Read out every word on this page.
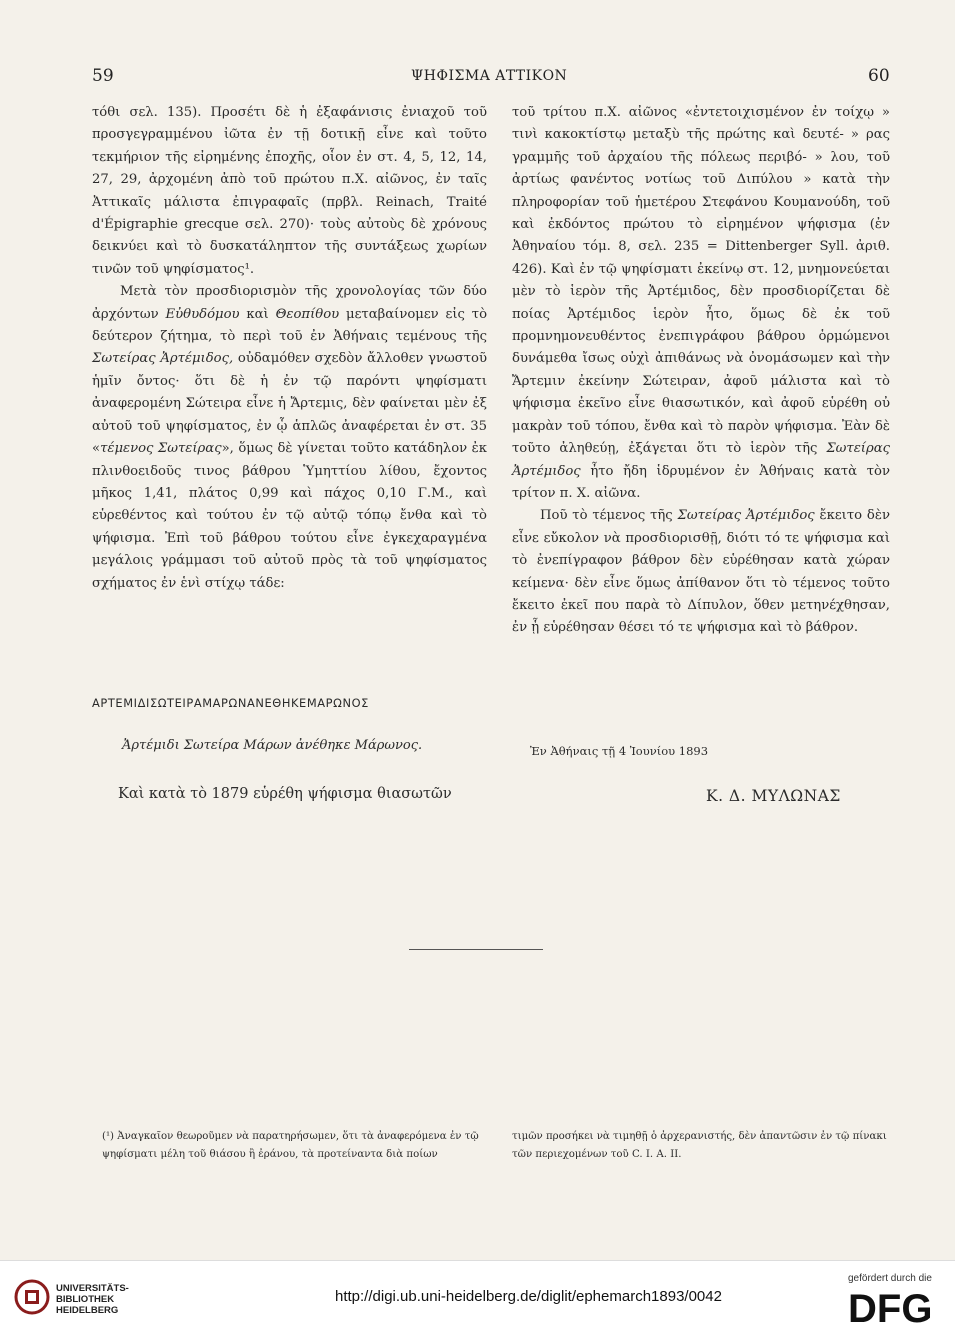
59	ΨΗΦΙΣΜΑ ΑΤΤΙΚΟΝ	60

τόθι σελ. 135). Προσέτι δὲ ἡ ἐξαφάνισις ἐνιαχοῦ τοῦ προσγεγραμμένου ἰῶτα ἐν τῇ δοτικῇ εἶνε καὶ τοῦτο τεκμήριον τῆς εἰρημένης ἐποχῆς, οἷον ἐν στ. 4, 5, 12, 14, 27, 29, ἀρχομένη ἀπὸ τοῦ πρώτου π.Χ. αἰῶνος, ἐν ταῖς Ἀττικαῖς μάλιστα ἐπιγραφαῖς (πρβλ. Reinach, Traité d'Épigraphie grecque σελ. 270)· τοὺς αὐτοὺς δὲ χρόνους δεικνύει καὶ τὸ δυσκατάληπτον τῆς συντάξεως χωρίων τινῶν τοῦ ψηφίσματος¹.

Μετὰ τὸν προσδιορισμὸν τῆς χρονολογίας τῶν δύο ἀρχόντων Εὐθυδόμου καὶ Θεοπίθου μεταβαίνομεν εἰς τὸ δεύτερον ζήτημα, τὸ περὶ τοῦ ἐν Ἀθήναις τεμένους τῆς Σωτείρας Ἀρτέμιδος, οὐδαμόθεν σχεδὸν ἄλλοθεν γνωστοῦ ἡμῖν ὄντος· ὅτι δὲ ἡ ἐν τῷ παρόντι ψηφίσματι ἀναφερομένη Σώτειρα εἶνε ἡ Ἄρτεμις, δὲν φαίνεται μὲν ἐξ αὐτοῦ τοῦ ψηφίσματος, ἐν ᾧ ἁπλῶς ἀναφέρεται ἐν στ. 35 «τέμενος Σωτείρας», ὅμως δὲ γίνεται τοῦτο κατάδηλον ἐκ πλινθοειδοῦς τινος βάθρου Ὑμηττίου λίθου, ἔχοντος μῆκος 1,41, πλάτος 0,99 καὶ πάχος 0,10 Γ.Μ., καὶ εὑρεθέντος καὶ τούτου ἐν τῷ αὐτῷ τόπῳ ἔνθα καὶ τὸ ψήφισμα. Ἐπὶ τοῦ βάθρου τούτου εἶνε ἐγκεχαραγμένα μεγάλοις γράμμασι τοῦ αὐτοῦ πρὸς τὰ τοῦ ψηφίσματος σχήματος ἐν ἑνὶ στίχῳ τάδε:

ΑΡΤΕΜΙΔΙΣΩΤΕΙΡΑΜΑΡΩΝΑΝΕΘΗΚΕΜΑΡΩΝΟΣ
Ἀρτέμιδι Σωτείρα Μάρων ἀνέθηκε Μάρωνος.
Καὶ κατὰ τὸ 1879 εὑρέθη ψήφισμα θιασωτῶν

τοῦ τρίτου π.Χ. αἰῶνος «ἐντετοιχισμένον ἐν τοίχῳ » τινὶ κακοκτίστῳ μεταξὺ τῆς πρώτης καὶ δευτέ- » ρας γραμμῆς τοῦ ἀρχαίου τῆς πόλεως περιβό- » λου, τοῦ ἀρτίως φανέντος νοτίως τοῦ Διπύλου » κατὰ τὴν πληροφορίαν τοῦ ἡμετέρου Στεφάνου Κουμανούδη, τοῦ καὶ ἐκδόντος πρώτου τὸ εἰρημένον ψήφισμα (ἐν Ἀθηναίου τόμ. 8, σελ. 235 = Dittenberger Syll. ἀριθ. 426). Καὶ ἐν τῷ ψηφίσματι ἐκείνῳ στ. 12, μνημονεύεται μὲν τὸ ἱερὸν τῆς Ἀρτέμιδος, δὲν προσδιορίζεται δὲ ποίας Ἀρτέμιδος ἱερὸν ἦτο, ὅμως δὲ ἐκ τοῦ προμνημονευθέντος ἐνεπιγράφου βάθρου ὁρμώμενοι δυνάμεθα ἴσως οὐχὶ ἀπιθάνως νὰ ὀνομάσωμεν καὶ τὴν Ἄρτεμιν ἐκείνην Σώτειραν, ἀφοῦ μάλιστα καὶ τὸ ψήφισμα ἐκεῖνο εἶνε θιασωτικόν, καὶ ἀφοῦ εὑρέθη οὐ μακρὰν τοῦ τόπου, ἔνθα καὶ τὸ παρὸν ψήφισμα. Ἐὰν δὲ τοῦτο ἀληθεύῃ, ἐξάγεται ὅτι τὸ ἱερὸν τῆς Σωτείρας Ἀρτέμιδος ἦτο ἤδη ἱδρυμένον ἐν Ἀθήναις κατὰ τὸν τρίτον π. Χ. αἰῶνα.

Ποῦ τὸ τέμενος τῆς Σωτείρας Ἀρτέμιδος ἔκειτο δὲν εἶνε εὔκολον νὰ προσδιορισθῇ, διότι τό τε ψήφισμα καὶ τὸ ἐνεπίγραφον βάθρον δὲν εὑρέθησαν κατὰ χώραν κείμενα· δὲν εἶνε ὅμως ἀπίθανον ὅτι τὸ τέμενος τοῦτο ἔκειτο ἐκεῖ που παρὰ τὸ Δίπυλον, ὅθεν μετηνέχθησαν, ἐν ᾗ εὑρέθησαν θέσει τό τε ψήφισμα καὶ τὸ βάθρον.

Ἐν Ἀθήναις τῇ 4 Ἰουνίου 1893
Κ. Δ. ΜΥΛΩΝΑΣ
(¹) Ἀναγκαῖον θεωροῦμεν νὰ παρατηρήσωμεν, ὅτι τὰ ἀναφερόμενα ἐν τῷ ψηφίσματι μέλη τοῦ θιάσου ἢ ἐράνου, τὰ προτείναντα διὰ ποίων
τιμῶν προσήκει νὰ τιμηθῇ ὁ ἀρχερανιστής, δὲν ἀπαντῶσιν ἐν τῷ πίνακι τῶν περιεχομένων τοῦ C. I. A. II.
UNIVERSITÄTS-
BIBLIOTHEK
HEIDELBERG
http://digi.ub.uni-heidelberg.de/diglit/ephemarch1893/0042
gefördert durch die
DFG
